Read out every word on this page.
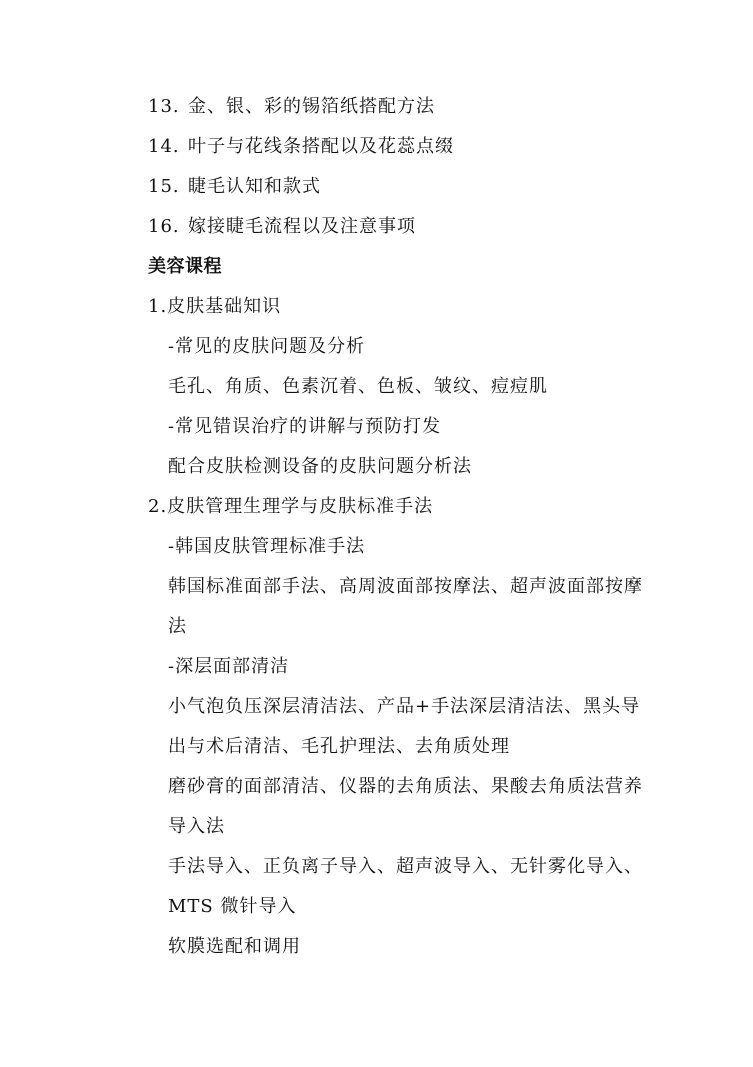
13. 金、银、彩的锡箔纸搭配方法
14. 叶子与花线条搭配以及花蕊点缀
15. 睫毛认知和款式
16. 嫁接睫毛流程以及注意事项
美容课程
1.皮肤基础知识
-常见的皮肤问题及分析
毛孔、角质、色素沉着、色板、皱纹、痘痘肌
-常见错误治疗的讲解与预防打发
配合皮肤检测设备的皮肤问题分析法
2.皮肤管理生理学与皮肤标准手法
-韩国皮肤管理标准手法
韩国标准面部手法、高周波面部按摩法、超声波面部按摩
法
-深层面部清洁
小气泡负压深层清洁法、产品+手法深层清洁法、黑头导
出与术后清洁、毛孔护理法、去角质处理
磨砂膏的面部清洁、仪器的去角质法、果酸去角质法营养
导入法
手法导入、正负离子导入、超声波导入、无针雾化导入、
MTS 微针导入
软膜选配和调用
